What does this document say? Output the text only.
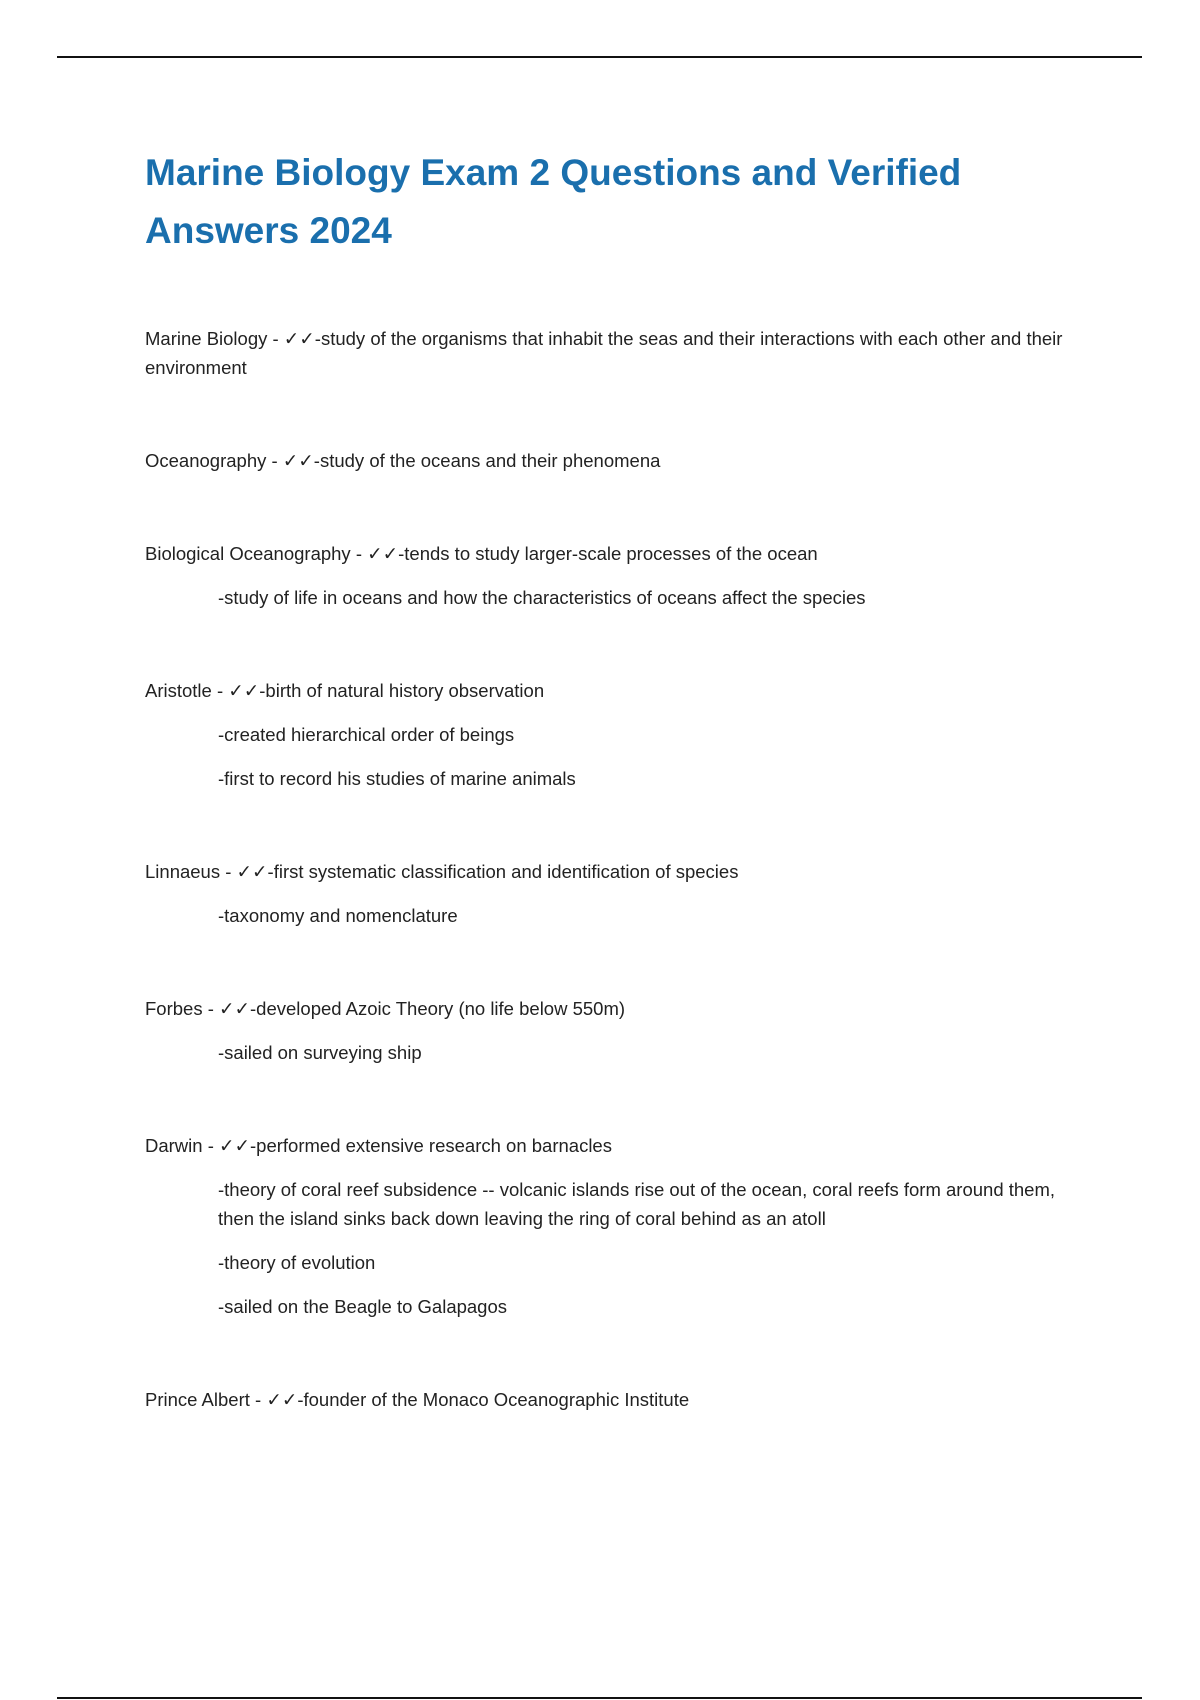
Marine Biology Exam 2 Questions and Verified Answers 2024

Marine Biology - ✓✓-study of the organisms that inhabit the seas and their interactions with each other and their environment

Oceanography - ✓✓-study of the oceans and their phenomena

Biological Oceanography - ✓✓-tends to study larger-scale processes of the ocean

-study of life in oceans and how the characteristics of oceans affect the species

Aristotle - ✓✓-birth of natural history observation

-created hierarchical order of beings

-first to record his studies of marine animals

Linnaeus - ✓✓-first systematic classification and identification of species

-taxonomy and nomenclature

Forbes - ✓✓-developed Azoic Theory (no life below 550m)

-sailed on surveying ship

Darwin - ✓✓-performed extensive research on barnacles

-theory of coral reef subsidence -- volcanic islands rise out of the ocean, coral reefs form around them, then the island sinks back down leaving the ring of coral behind as an atoll

-theory of evolution

-sailed on the Beagle to Galapagos

Prince Albert - ✓✓-founder of the Monaco Oceanographic Institute
